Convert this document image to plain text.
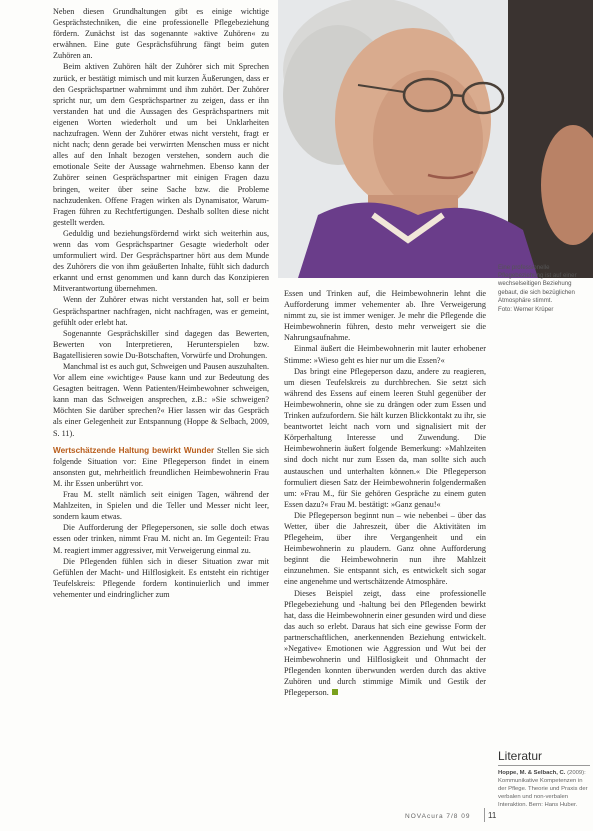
Neben diesen Grundhaltungen gibt es einige wichtige Gesprächstechniken, die eine professionelle Pflegebeziehung fördern. Zunächst ist das sogenannte »aktive Zuhören« zu erwähnen. Eine gute Gesprächsführung fängt beim guten Zuhören an.

Beim aktiven Zuhören hält der Zuhörer sich mit Sprechen zurück, er bestätigt mimisch und mit kurzen Äußerungen, dass er den Gesprächspartner wahrnimmt und ihm zuhört. Der Zuhörer spricht nur, um dem Gesprächspartner zu zeigen, dass er ihn verstanden hat und die Aussagen des Gesprächspartners mit eigenen Worten wiederholt und um bei Unklarheiten nachzufragen. Wenn der Zuhörer etwas nicht versteht, fragt er nicht nach; denn gerade bei verwirrten Menschen muss er nicht alles auf den Inhalt bezogen verstehen, sondern auch die emotionale Seite der Aussage wahrnehmen. Ebenso kann der Zuhörer seinen Gesprächspartner mit einigen Fragen dazu bringen, weiter über seine Sache bzw. die Probleme nachzudenken. Offene Fragen wirken als Dynamisator, Warum-Fragen führen zu Rechtfertigungen. Deshalb sollten diese nicht gestellt werden.

Geduldig und beziehungsfördernd wirkt sich weiterhin aus, wenn das vom Gesprächspartner Gesagte wiederholt oder umformuliert wird. Der Gesprächspartner hört aus dem Munde des Zuhörers die von ihm geäußerten Inhalte, fühlt sich dadurch erkannt und ernst genommen und kann durch das Konzipieren Mitverantwortung übernehmen.

Wenn der Zuhörer etwas nicht verstanden hat, soll er beim Gesprächspartner nachfragen, nicht nachfragen, was er gemeint, gefühlt oder erlebt hat.

Sogenannte Gesprächskiller sind dagegen das Bewerten, Bewerten von Interpretieren, Herunterspielen bzw. Bagatellisieren sowie Du-Botschaften, Vorwürfe und Drohungen.

Manchmal ist es auch gut, Schweigen und Pausen auszuhalten. Vor allem eine »wichtige« Pause kann und zur Bedeutung des Gesagten beitragen. Wenn Patienten/Heimbewohner schweigen, kann man das Schweigen ansprechen, z.B.: »Sie schweigen? Möchten Sie darüber sprechen?« Hier lassen wir das Gespräch als einer Gelegenheit zur Entspannung (Hoppe & Selbach, 2009, S. 11).

Wertschätzende Haltung bewirkt Wunder Stellen Sie sich folgende Situation vor: Eine Pflegeperson findet in einem ansonsten gut, mehrheitlich freundlichen Heimbewohnerin Frau M. ihr Essen unberührt vor.

Frau M. stellt nämlich seit einigen Tagen, während der Mahlzeiten, in Spielen und die Teller und Messer nicht leer, sondern kaum etwas.

Die Aufforderung der Pflegepersonen, sie solle doch etwas essen oder trinken, nimmt Frau M. nicht an. Im Gegenteil: Frau M. reagiert immer aggressiver, mit Verweigerung einmal zu.

Die Pflegenden fühlen sich in dieser Situation zwar mit Gefühlen der Macht- und Hilflosigkeit. Es entsteht ein richtiger Teufelskreis: Pflegende fordern kontinuierlich und immer vehementer und eindringlicher zum

Eine professionelle Pflegebeziehung ist auf einer wechselseitigen Beziehung gebaut, die sich bezüglichen Atmosphäre stimmt.
Foto: Werner Krüper

Essen und Trinken auf, die Heimbewohnerin lehnt die Aufforderung immer vehementer ab. Ihre Verweigerung nimmt zu, sie ist immer weniger. Je mehr die Pflegende die Heimbewohnerin führen, desto mehr verweigert sie die Nahrungsaufnahme.

Einmal äußert die Heimbewohnerin mit lauter erhobener Stimme: »Wieso geht es hier nur um die Essen?«

Das bringt eine Pflegeperson dazu, andere zu reagieren, um diesen Teufelskreis zu durchbrechen. Sie setzt sich während des Essens auf einem leeren Stuhl gegenüber der Heimbewohnerin, ohne sie zu drängen oder zum Essen und Trinken aufzufordern. Sie hält kurzen Blickkontakt zu ihr, sie beantwortet leicht nach vorn und signalisiert mit der Körperhaltung Interesse und Zuwendung. Die Heimbewohnerin äußert folgende Bemerkung: »Mahlzeiten sind doch nicht nur zum Essen da, man sollte sich auch austauschen und unterhalten können.« Die Pflegeperson formuliert diesen Satz der Heimbewohnerin folgendermaßen um: »Frau M., für Sie gehören Gespräche zu einem guten Essen dazu?« Frau M. bestätigt: »Ganz genau!«

Die Pflegeperson beginnt nun – wie nebenbei – über das Wetter, über die Jahreszeit, über die Aktivitäten im Pflegeheim, über ihre Vergangenheit und ein Heimbewohnerin zu plaudern. Ganz ohne Aufforderung beginnt die Heimbewohnerin nun ihre Mahlzeit einzunehmen. Sie entspannt sich, es entwickelt sich sogar eine angenehme und wertschätzende Atmosphäre.

Dieses Beispiel zeigt, dass eine professionelle Pflegebeziehung und -haltung bei den Pflegenden bewirkt hat, dass die Heimbewohnerin einer gesunden wird und diese das auch so erlebt. Daraus hat sich eine gewisse Form der partnerschaftlichen, anerkennenden Beziehung entwickelt. »Negative« Emotionen wie Aggression und Wut bei der Heimbewohnerin und Hilflosigkeit und Ohnmacht der Pflegenden konnten überwunden werden durch das aktive Zuhören und durch stimmige Mimik und Gestik der Pflegeperson.

Literatur
Hoppe, M. & Selbach, C. (2009): Kommunikative Kompetenzen in der Pflege. Theorie und Praxis der verbalen und non-verbalen Interaktion. Bern: Hans Huber.
NOVAcura 7/8 09 11
